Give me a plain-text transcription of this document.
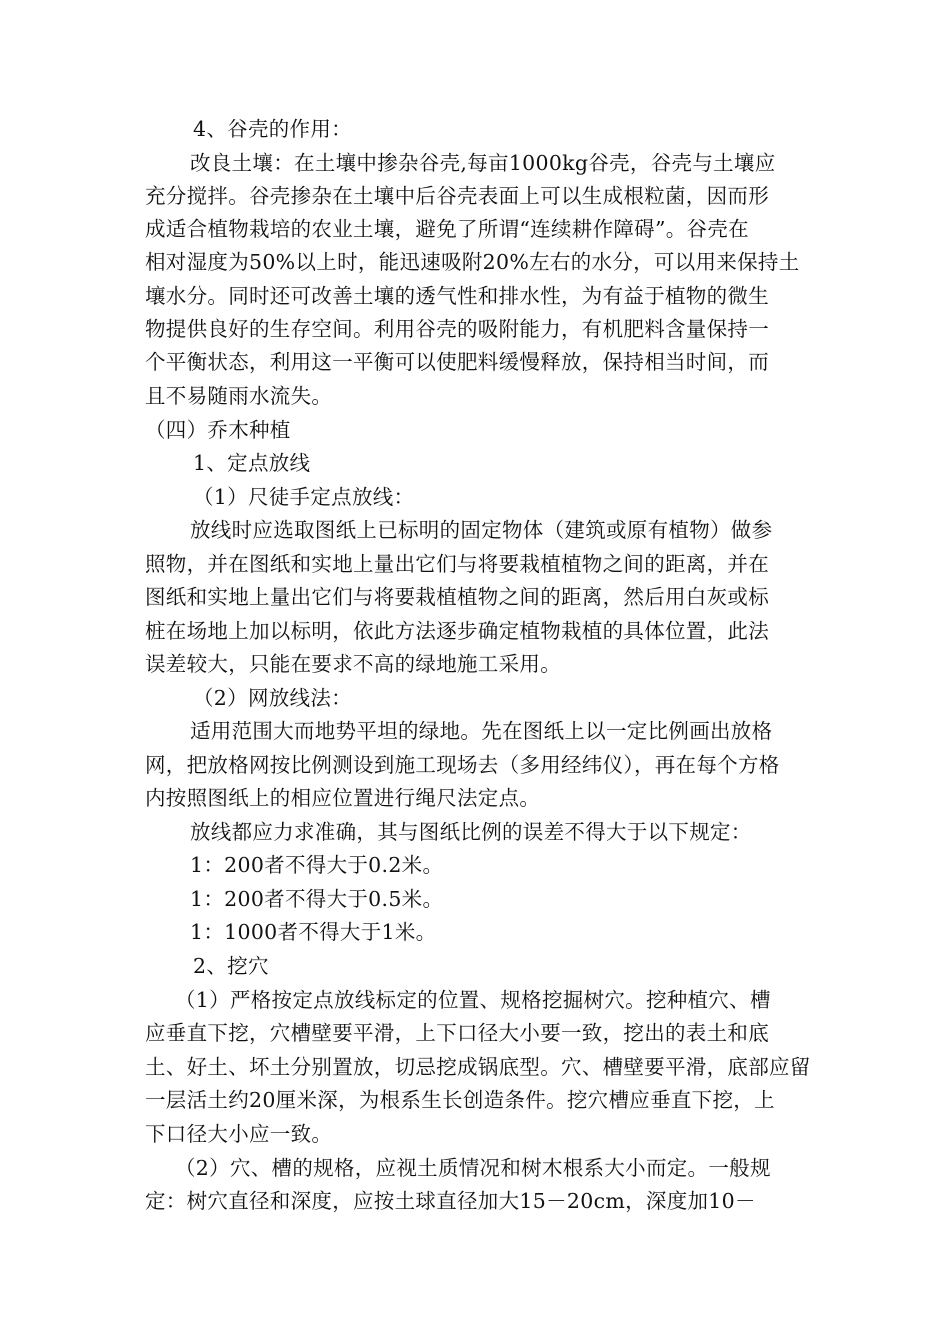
4、谷壳的作用：
改良土壤：在土壤中掺杂谷壳,每亩1000kg谷壳，谷壳与土壤应
充分搅拌。谷壳掺杂在土壤中后谷壳表面上可以生成根粒菌，因而形
成适合植物栽培的农业土壤，避免了所谓“连续耕作障碍”。谷壳在
相对湿度为50%以上时，能迅速吸附20%左右的水分，可以用来保持土
壤水分。同时还可改善土壤的透气性和排水性，为有益于植物的微生
物提供良好的生存空间。利用谷壳的吸附能力，有机肥料含量保持一
个平衡状态，利用这一平衡可以使肥料缓慢释放，保持相当时间，而
且不易随雨水流失。
（四）乔木种植
1、定点放线
（1）尺徒手定点放线：
放线时应选取图纸上已标明的固定物体（建筑或原有植物）做参
照物，并在图纸和实地上量出它们与将要栽植植物之间的距离，并在
图纸和实地上量出它们与将要栽植植物之间的距离，然后用白灰或标
桩在场地上加以标明，依此方法逐步确定植物栽植的具体位置，此法
误差较大，只能在要求不高的绿地施工采用。
（2）网放线法：
适用范围大而地势平坦的绿地。先在图纸上以一定比例画出放格
网，把放格网按比例测设到施工现场去（多用经纬仪），再在每个方格
内按照图纸上的相应位置进行绳尺法定点。
放线都应力求准确，其与图纸比例的误差不得大于以下规定：
1：200者不得大于0.2米。
1：200者不得大于0.5米。
1：1000者不得大于1米。
2、挖穴
（1）严格按定点放线标定的位置、规格挖掘树穴。挖种植穴、槽
应垂直下挖，穴槽壁要平滑，上下口径大小要一致，挖出的表土和底
土、好土、坏土分别置放，切忌挖成锅底型。穴、槽壁要平滑，底部应留
一层活土约20厘米深，为根系生长创造条件。挖穴槽应垂直下挖，上
下口径大小应一致。
（2）穴、槽的规格，应视土质情况和树木根系大小而定。一般规
定：树穴直径和深度，应按土球直径加大15－20cm，深度加10－
